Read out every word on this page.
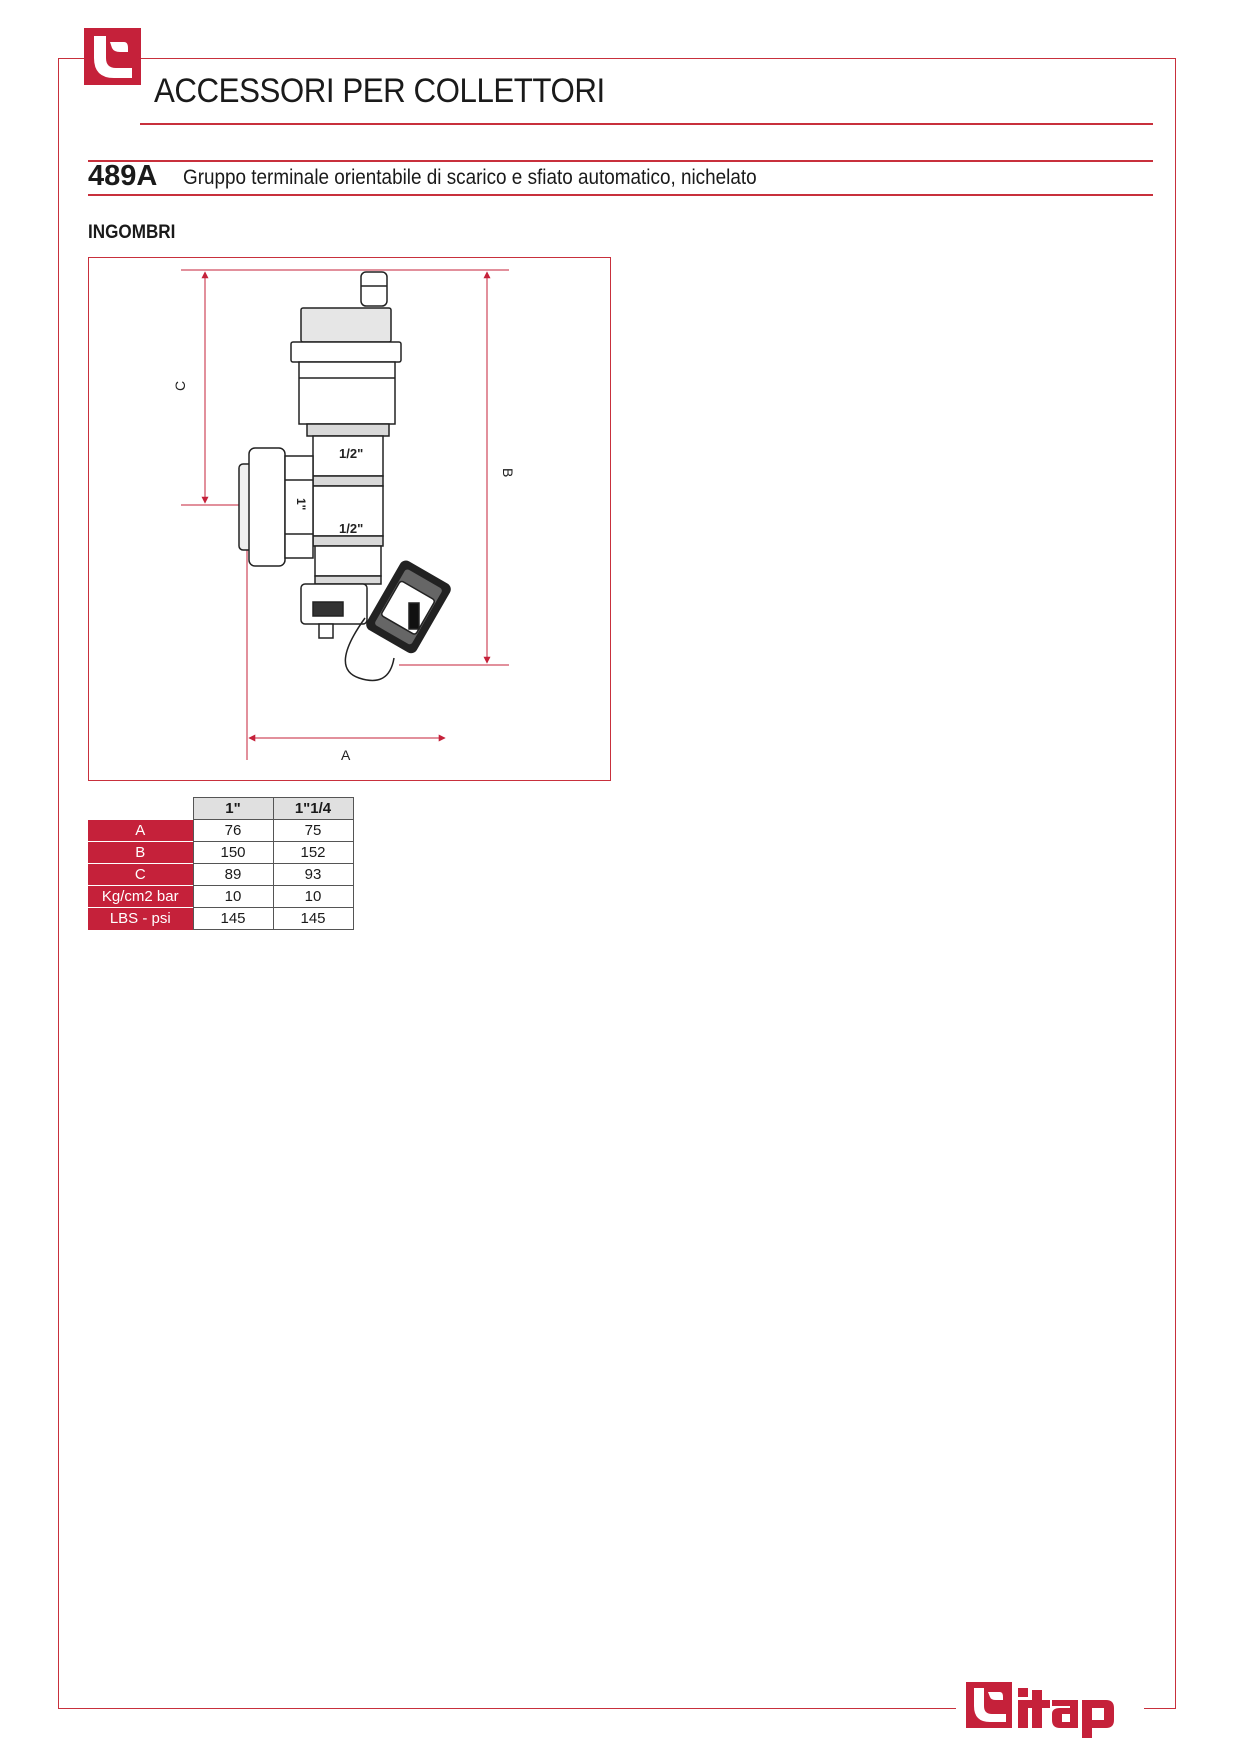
ACCESSORI PER COLLETTORI
489A Gruppo terminale orientabile di scarico e sfiato automatico, nichelato
INGOMBRI
1/2"
1/2"
1"
C
B
A
	1"	1"1/4
A	76	75
B	150	152
C	89	93
Kg/cm2 bar	10	10
LBS - psi	145	145
